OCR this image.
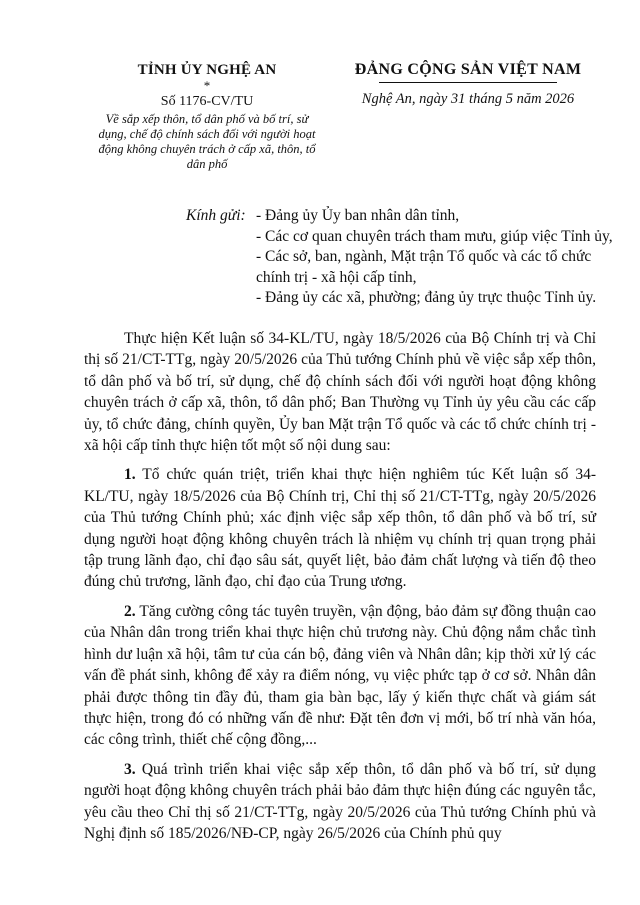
TỈNH ỦY NGHỆ AN
*
Số 1176-CV/TU
Về sắp xếp thôn, tổ dân phố và bố trí, sử dụng, chế độ chính sách đối với người hoạt động không chuyên trách ở cấp xã, thôn, tổ dân phố
ĐẢNG CỘNG SẢN VIỆT NAM
Nghệ An, ngày 31 tháng 5 năm 2026
Kính gửi: - Đảng ủy Ủy ban nhân dân tỉnh,
- Các cơ quan chuyên trách tham mưu, giúp việc Tỉnh ủy,
- Các sở, ban, ngành, Mặt trận Tổ quốc và các tổ chức chính trị - xã hội cấp tỉnh,
- Đảng ủy các xã, phường; đảng ủy trực thuộc Tỉnh ủy.

Thực hiện Kết luận số 34-KL/TU, ngày 18/5/2026 của Bộ Chính trị và Chỉ thị số 21/CT-TTg, ngày 20/5/2026 của Thủ tướng Chính phủ về việc sắp xếp thôn, tổ dân phố và bố trí, sử dụng, chế độ chính sách đối với người hoạt động không chuyên trách ở cấp xã, thôn, tổ dân phố; Ban Thường vụ Tỉnh ủy yêu cầu các cấp ủy, tổ chức đảng, chính quyền, Ủy ban Mặt trận Tổ quốc và các tổ chức chính trị - xã hội cấp tỉnh thực hiện tốt một số nội dung sau:

1. Tổ chức quán triệt, triển khai thực hiện nghiêm túc Kết luận số 34-KL/TU, ngày 18/5/2026 của Bộ Chính trị, Chỉ thị số 21/CT-TTg, ngày 20/5/2026 của Thủ tướng Chính phủ; xác định việc sắp xếp thôn, tổ dân phố và bố trí, sử dụng người hoạt động không chuyên trách là nhiệm vụ chính trị quan trọng phải tập trung lãnh đạo, chỉ đạo sâu sát, quyết liệt, bảo đảm chất lượng và tiến độ theo đúng chủ trương, lãnh đạo, chỉ đạo của Trung ương.

2. Tăng cường công tác tuyên truyền, vận động, bảo đảm sự đồng thuận cao của Nhân dân trong triển khai thực hiện chủ trương này. Chủ động nắm chắc tình hình dư luận xã hội, tâm tư của cán bộ, đảng viên và Nhân dân; kịp thời xử lý các vấn đề phát sinh, không để xảy ra điểm nóng, vụ việc phức tạp ở cơ sở. Nhân dân phải được thông tin đầy đủ, tham gia bàn bạc, lấy ý kiến thực chất và giám sát thực hiện, trong đó có những vấn đề như: Đặt tên đơn vị mới, bố trí nhà văn hóa, các công trình, thiết chế cộng đồng,...

3. Quá trình triển khai việc sắp xếp thôn, tổ dân phố và bố trí, sử dụng người hoạt động không chuyên trách phải bảo đảm thực hiện đúng các nguyên tắc, yêu cầu theo Chỉ thị số 21/CT-TTg, ngày 20/5/2026 của Thủ tướng Chính phủ và Nghị định số 185/2026/NĐ-CP, ngày 26/5/2026 của Chính phủ quy
